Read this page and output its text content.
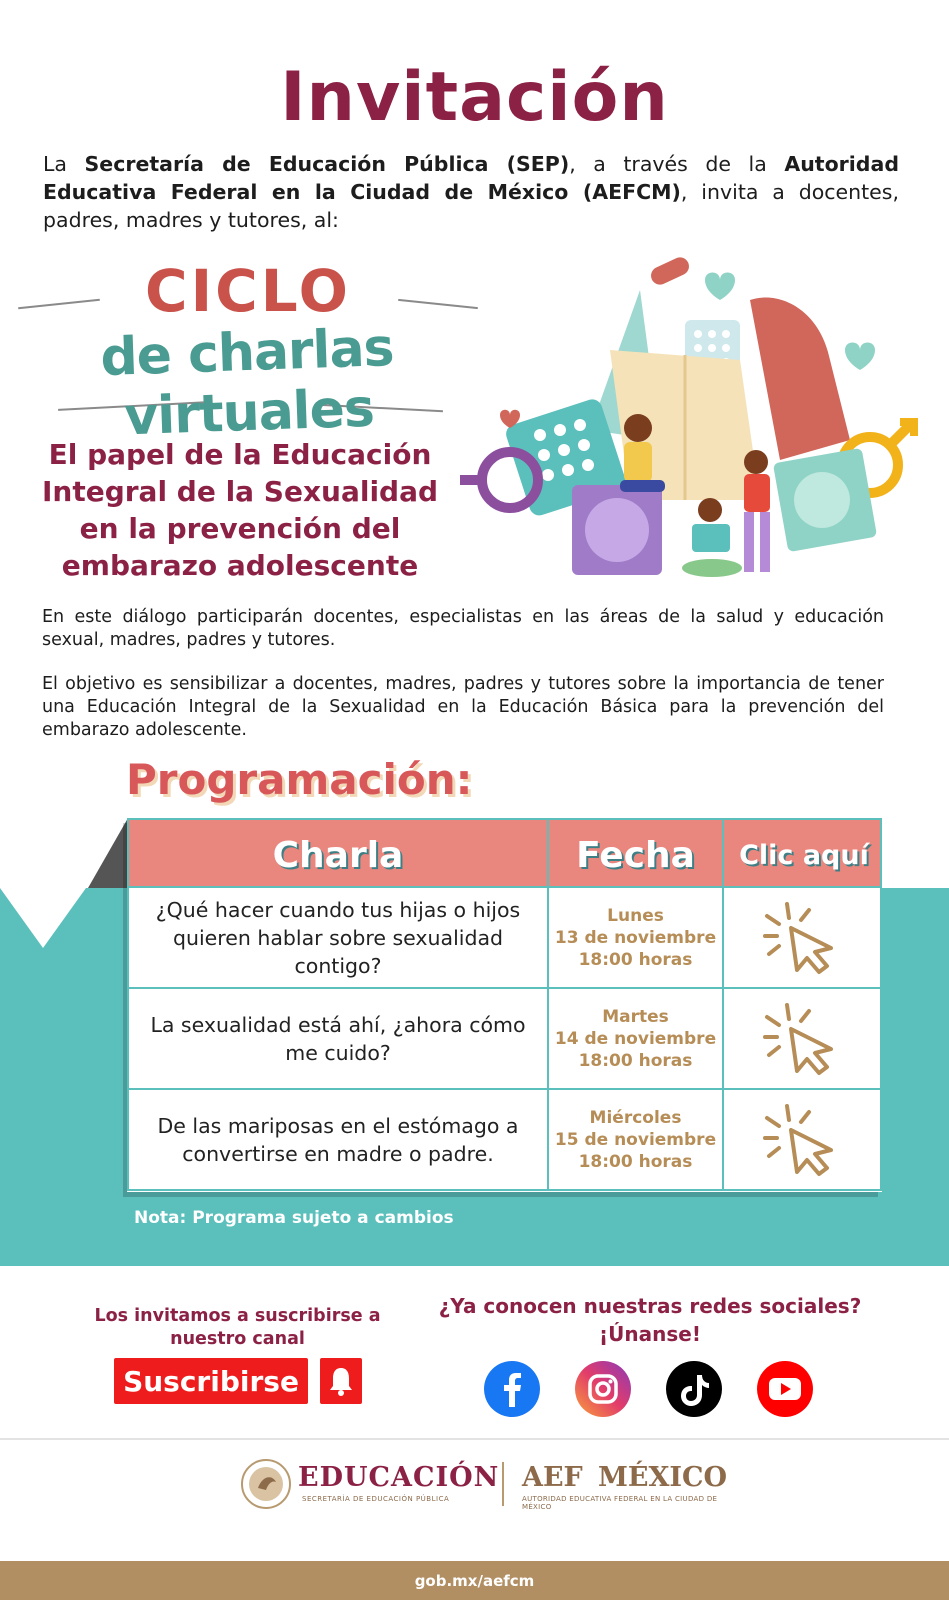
Invitación
La Secretaría de Educación Pública (SEP), a través de la Autoridad Educativa Federal en la Ciudad de México (AEFCM), invita a docentes, padres, madres y tutores, al:
CICLO
de charlas virtuales
El papel de la Educación Integral de la Sexualidad en la prevención del embarazo adolescente
En este diálogo participarán docentes, especialistas en las áreas de la salud y educación sexual, madres, padres y tutores.
El objetivo es sensibilizar a docentes, madres, padres y tutores sobre la importancia de tener una Educación Integral de la Sexualidad en la Educación Básica para la prevención del embarazo adolescente.
Programación:
Charla	Fecha	Clic aquí
¿Qué hacer cuando tus hijas o hijos quieren hablar sobre sexualidad contigo?
Lunes
13 de noviembre
18:00 horas
La sexualidad está ahí, ¿ahora cómo me cuido?
Martes
14 de noviembre
18:00 horas
De las mariposas en el estómago a convertirse en madre o padre.
Miércoles
15 de noviembre
18:00 horas
Nota: Programa sujeto a cambios
Los invitamos a suscribirse a nuestro canal
Suscribirse
¿Ya conocen nuestras redes sociales? ¡Únanse!
EDUCACIÓN
SECRETARÍA DE EDUCACIÓN PÚBLICA
AEF MÉXICO
AUTORIDAD EDUCATIVA FEDERAL EN LA CIUDAD DE MÉXICO
gob.mx/aefcm
